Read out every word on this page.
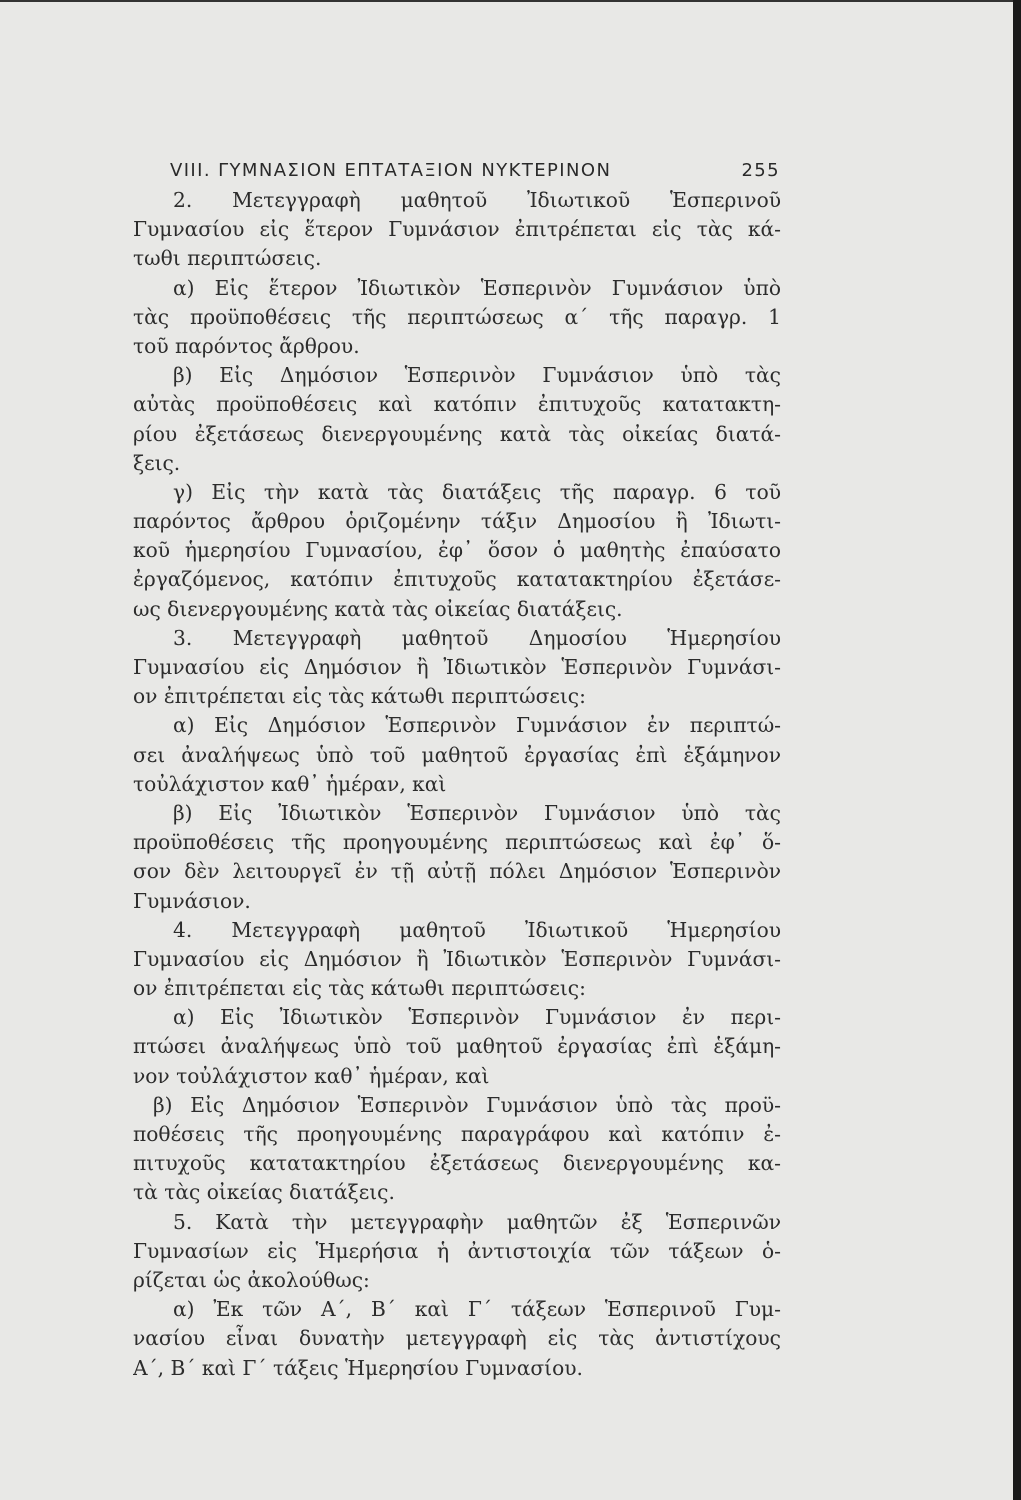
VIII. ΓΥΜΝΑΣΙΟΝ ΕΠΤΑΤΑΞΙΟΝ ΝΥΚΤΕΡΙΝΟΝ	255
2. Μετεγγραφὴ μαθητοῦ Ἰδιωτικοῦ Ἑσπερινοῦ
Γυμνασίου εἰς ἕτερον Γυμνάσιον ἐπιτρέπεται εἰς τὰς κά-
τωθι περιπτώσεις.
α) Εἰς ἕτερον Ἰδιωτικὸν Ἑσπερινὸν Γυμνάσιον ὑπὸ
τὰς προϋποθέσεις τῆς περιπτώσεως α΄ τῆς παραγρ. 1
τοῦ παρόντος ἄρθρου.
β) Εἰς Δημόσιον Ἑσπερινὸν Γυμνάσιον ὑπὸ τὰς
αὐτὰς προϋποθέσεις καὶ κατόπιν ἐπιτυχοῦς κατατακτη-
ρίου ἐξετάσεως διενεργουμένης κατὰ τὰς οἰκείας διατά-
ξεις.
γ) Εἰς τὴν κατὰ τὰς διατάξεις τῆς παραγρ. 6 τοῦ
παρόντος ἄρθρου ὁριζομένην τάξιν Δημοσίου ἢ Ἰδιωτι-
κοῦ ἡμερησίου Γυμνασίου, ἐφ᾿ ὅσον ὁ μαθητὴς ἐπαύσατο
ἐργαζόμενος, κατόπιν ἐπιτυχοῦς κατατακτηρίου ἐξετάσε-
ως διενεργουμένης κατὰ τὰς οἰκείας διατάξεις.
3. Μετεγγραφὴ μαθητοῦ Δημοσίου Ἡμερησίου
Γυμνασίου εἰς Δημόσιον ἢ Ἰδιωτικὸν Ἑσπερινὸν Γυμνάσι-
ον ἐπιτρέπεται εἰς τὰς κάτωθι περιπτώσεις:
α) Εἰς Δημόσιον Ἑσπερινὸν Γυμνάσιον ἐν περιπτώ-
σει ἀναλήψεως ὑπὸ τοῦ μαθητοῦ ἐργασίας ἐπὶ ἑξάμηνον
τοὐλάχιστον καθ᾿ ἡμέραν, καὶ
β) Εἰς Ἰδιωτικὸν Ἑσπερινὸν Γυμνάσιον ὑπὸ τὰς
προϋποθέσεις τῆς προηγουμένης περιπτώσεως καὶ ἐφ᾿ ὅ-
σον δὲν λειτουργεῖ ἐν τῇ αὐτῇ πόλει Δημόσιον Ἑσπερινὸν
Γυμνάσιον.
4. Μετεγγραφὴ μαθητοῦ Ἰδιωτικοῦ Ἡμερησίου
Γυμνασίου εἰς Δημόσιον ἢ Ἰδιωτικὸν Ἑσπερινὸν Γυμνάσι-
ον ἐπιτρέπεται εἰς τὰς κάτωθι περιπτώσεις:
α) Εἰς Ἰδιωτικὸν Ἑσπερινὸν Γυμνάσιον ἐν περι-
πτώσει ἀναλήψεως ὑπὸ τοῦ μαθητοῦ ἐργασίας ἐπὶ ἑξάμη-
νον τοὐλάχιστον καθ᾿ ἡμέραν, καὶ
β) Εἰς Δημόσιον Ἑσπερινὸν Γυμνάσιον ὑπὸ τὰς προϋ-
ποθέσεις τῆς προηγουμένης παραγράφου καὶ κατόπιν ἐ-
πιτυχοῦς κατατακτηρίου ἐξετάσεως διενεργουμένης κα-
τὰ τὰς οἰκείας διατάξεις.
5. Κατὰ τὴν μετεγγραφὴν μαθητῶν ἐξ Ἑσπερινῶν
Γυμνασίων εἰς Ἡμερήσια ἡ ἀντιστοιχία τῶν τάξεων ὁ-
ρίζεται ὡς ἀκολούθως:
α) Ἐκ τῶν Α΄, Β΄ καὶ Γ΄ τάξεων Ἑσπερινοῦ Γυμ-
νασίου εἶναι δυνατὴν μετεγγραφὴ εἰς τὰς ἀντιστίχους
Α΄, Β΄ καὶ Γ΄ τάξεις Ἡμερησίου Γυμνασίου.
